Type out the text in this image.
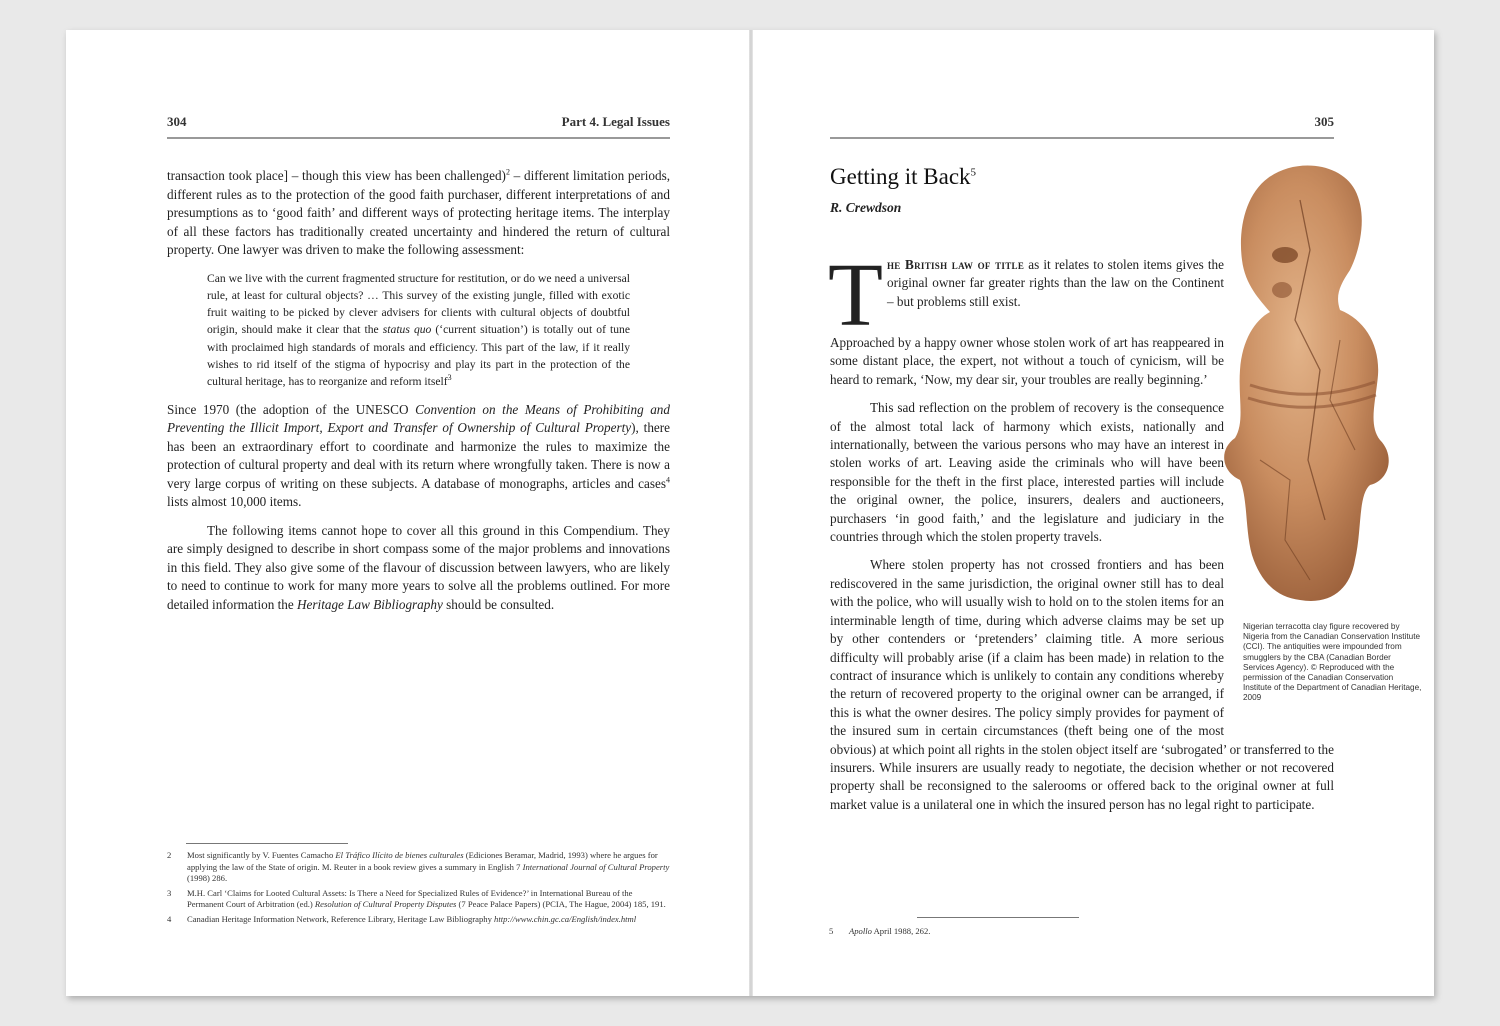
304	Part 4. Legal Issues

transaction took place] – though this view has been challenged)$^2$ – different limitation periods, different rules as to the protection of the good faith purchaser, different interpretations of and presumptions as to ‘good faith’ and different ways of protecting heritage items. The interplay of all these factors has traditionally created uncertainty and hindered the return of cultural property. One lawyer was driven to make the following assessment:

Can we live with the current fragmented structure for restitution, or do we need a universal rule, at least for cultural objects? … This survey of the existing jungle, filled with exotic fruit waiting to be picked by clever advisers for clients with cultural objects of doubtful origin, should make it clear that the status quo (‘current situation’) is totally out of tune with proclaimed high standards of morals and efficiency. This part of the law, if it really wishes to rid itself of the stigma of hypocrisy and play its part in the protection of the cultural heritage, has to reorganize and reform itself$^3$

Since 1970 (the adoption of the UNESCO Convention on the Means of Prohibiting and Preventing the Illicit Import, Export and Transfer of Ownership of Cultural Property), there has been an extraordinary effort to coordinate and harmonize the rules to maximize the protection of cultural property and deal with its return where wrongfully taken. There is now a very large corpus of writing on these subjects. A database of monographs, articles and cases$^4$ lists almost 10,000 items.

The following items cannot hope to cover all this ground in this Compendium. They are simply designed to describe in short compass some of the major problems and innovations in this field. They also give some of the flavour of discussion between lawyers, who are likely to need to continue to work for many more years to solve all the problems outlined. For more detailed information the Heritage Law Bibliography should be consulted.

2	Most significantly by V. Fuentes Camacho El Tráfico Ilícito de bienes culturales (Ediciones Beramar, Madrid, 1993) where he argues for applying the law of the State of origin. M. Reuter in a book review gives a summary in English 7 International Journal of Cultural Property (1998) 286.
3	M.H. Carl ‘Claims for Looted Cultural Assets: Is There a Need for Specialized Rules of Evidence?’ in International Bureau of the Permanent Court of Arbitration (ed.) Resolution of Cultural Property Disputes (7 Peace Palace Papers) (PCIA, The Hague, 2004) 185, 191.
4	Canadian Heritage Information Network, Reference Library, Heritage Law Bibliography http://www.chin.gc.ca/English/index.html
305
Getting it Back$^5$
R. Crewdson

The British law of title as it relates to stolen items gives the original owner far greater rights than the law on the Continent – but problems still exist.

Approached by a happy owner whose stolen work of art has reappeared in some distant place, the expert, not without a touch of cynicism, will be heard to remark, ‘Now, my dear sir, your troubles are really beginning.’

This sad reflection on the problem of recovery is the consequence of the almost total lack of harmony which exists, nationally and internationally, between the various persons who may have an interest in stolen works of art. Leaving aside the criminals who will have been responsible for the theft in the first place, interested parties will include the original owner, the police, insurers, dealers and auctioneers, purchasers ‘in good faith,’ and the legislature and judiciary in the countries through which the stolen property travels.

Where stolen property has not crossed frontiers and has been rediscovered in the same jurisdiction, the original owner still has to deal with the police, who will usually wish to hold on to the stolen items for an interminable length of time, during which adverse claims may be set up by other contenders or ‘pretenders’ claiming title. A more serious difficulty will probably arise (if a claim has been made) in relation to the contract of insurance which is unlikely to contain any conditions whereby the return of recovered property to the original owner can be arranged, if this is what the owner desires. The policy simply provides for payment of the insured sum in certain circumstances (theft being one of the most obvious) at which point all rights in the stolen object itself are ‘subrogated’ or transferred to the insurers. While insurers are usually ready to negotiate, the decision whether or not recovered property shall be reconsigned to the salerooms or offered back to the original owner at full market value is a unilateral one in which the insured person has no legal right to participate.

Nigerian terracotta clay figure recovered by Nigeria from the Canadian Conservation Institute (CCI). The antiquities were impounded from smugglers by the CBA (Canadian Border Services Agency). © Reproduced with the permission of the Canadian Conservation Institute of the Department of Canadian Heritage, 2009
5	Apollo April 1988, 262.
